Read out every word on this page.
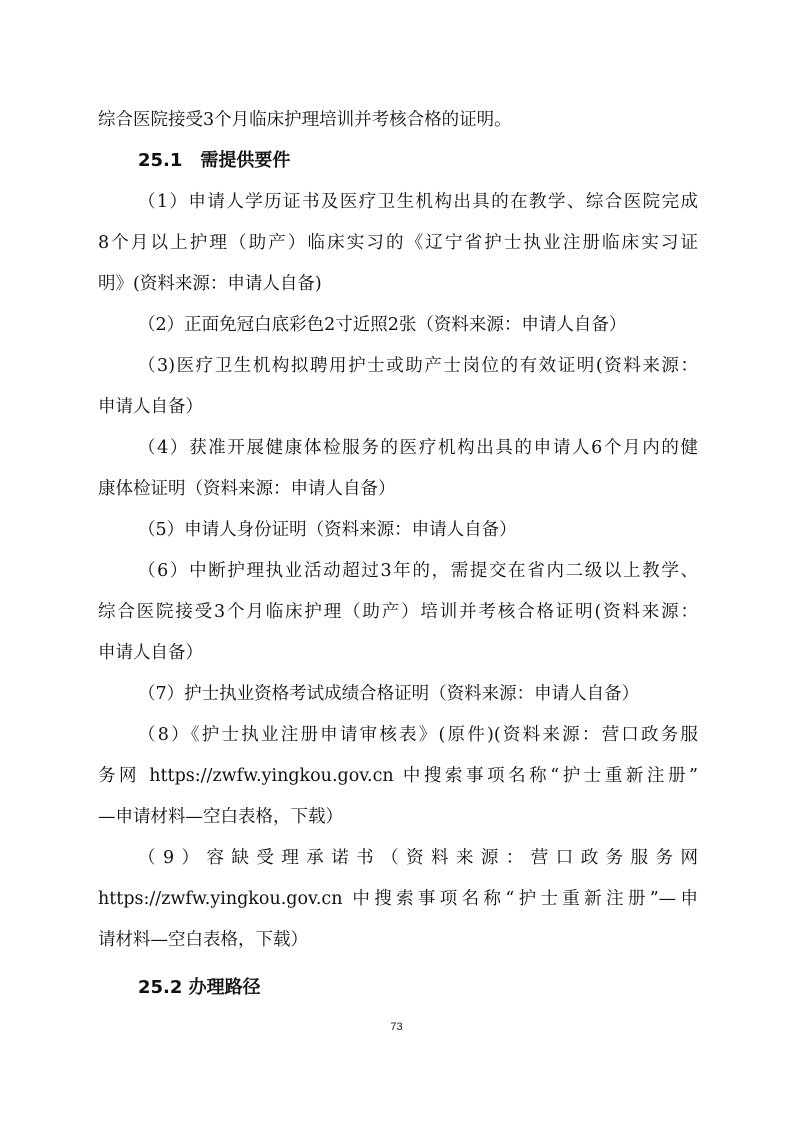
综合医院接受3个月临床护理培训并考核合格的证明。
25.1　需提供要件
（1）申请人学历证书及医疗卫生机构出具的在教学、综合医院完成
8个月以上护理（助产）临床实习的《辽宁省护士执业注册临床实习证
明》(资料来源：申请人自备)
（2）正面免冠白底彩色2寸近照2张（资料来源：申请人自备）
（3)医疗卫生机构拟聘用护士或助产士岗位的有效证明(资料来源：
申请人自备）
（4）获准开展健康体检服务的医疗机构出具的申请人6个月内的健
康体检证明（资料来源：申请人自备）
（5）申请人身份证明（资料来源：申请人自备）
（6）中断护理执业活动超过3年的，需提交在省内二级以上教学、
综合医院接受3个月临床护理（助产）培训并考核合格证明(资料来源：
申请人自备）
（7）护士执业资格考试成绩合格证明（资料来源：申请人自备）
（8）《护士执业注册申请审核表》(原件)(资料来源：营口政务服
务网 https://zwfw.yingkou.gov.cn 中搜索事项名称“护士重新注册”
—申请材料—空白表格，下载）
（9）容缺受理承诺书（资料来源：营口政务服务网
https://zwfw.yingkou.gov.cn 中搜索事项名称“护士重新注册”—申
请材料—空白表格，下载）
25.2 办理路径
73
